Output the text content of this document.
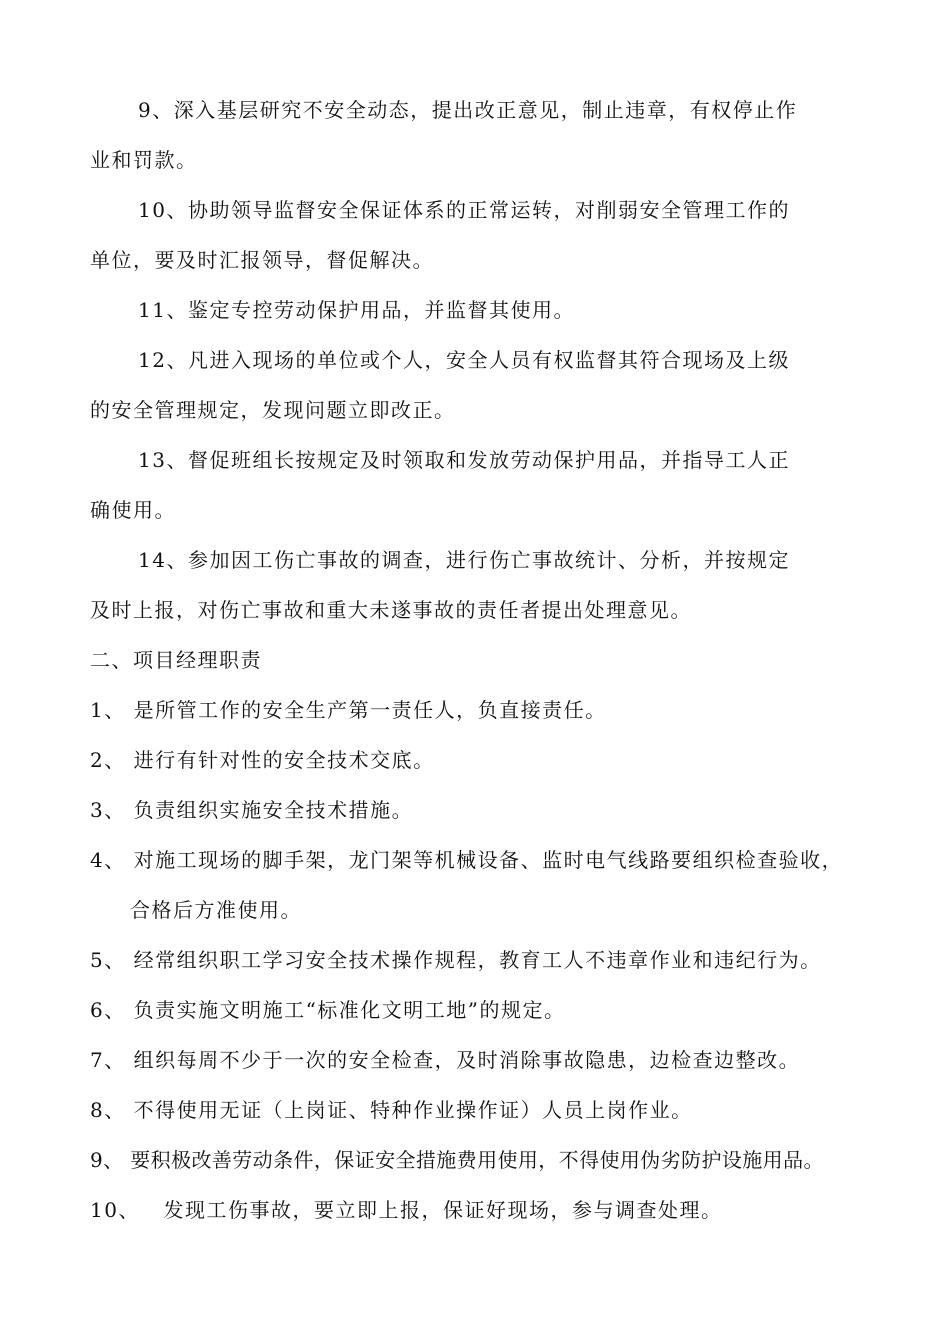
9、深入基层研究不安全动态，提出改正意见，制止违章，有权停止作
业和罚款。
10、协助领导监督安全保证体系的正常运转，对削弱安全管理工作的
单位，要及时汇报领导，督促解决。
11、鉴定专控劳动保护用品，并监督其使用。
12、凡进入现场的单位或个人，安全人员有权监督其符合现场及上级
的安全管理规定，发现问题立即改正。
13、督促班组长按规定及时领取和发放劳动保护用品，并指导工人正
确使用。
14、参加因工伤亡事故的调查，进行伤亡事故统计、分析，并按规定
及时上报，对伤亡事故和重大未遂事故的责任者提出处理意见。
二、项目经理职责
1、 是所管工作的安全生产第一责任人，负直接责任。
2、 进行有针对性的安全技术交底。
3、 负责组织实施安全技术措施。
4、 对施工现场的脚手架，龙门架等机械设备、监时电气线路要组织检查验收，
合格后方准使用。
5、 经常组织职工学习安全技术操作规程，教育工人不违章作业和违纪行为。
6、 负责实施文明施工“标准化文明工地”的规定。
7、 组织每周不少于一次的安全检查，及时消除事故隐患，边检查边整改。
8、 不得使用无证（上岗证、特种作业操作证）人员上岗作业。
9、 要积极改善劳动条件，保证安全措施费用使用，不得使用伪劣防护设施用品。
10、   发现工伤事故，要立即上报，保证好现场，参与调查处理。
